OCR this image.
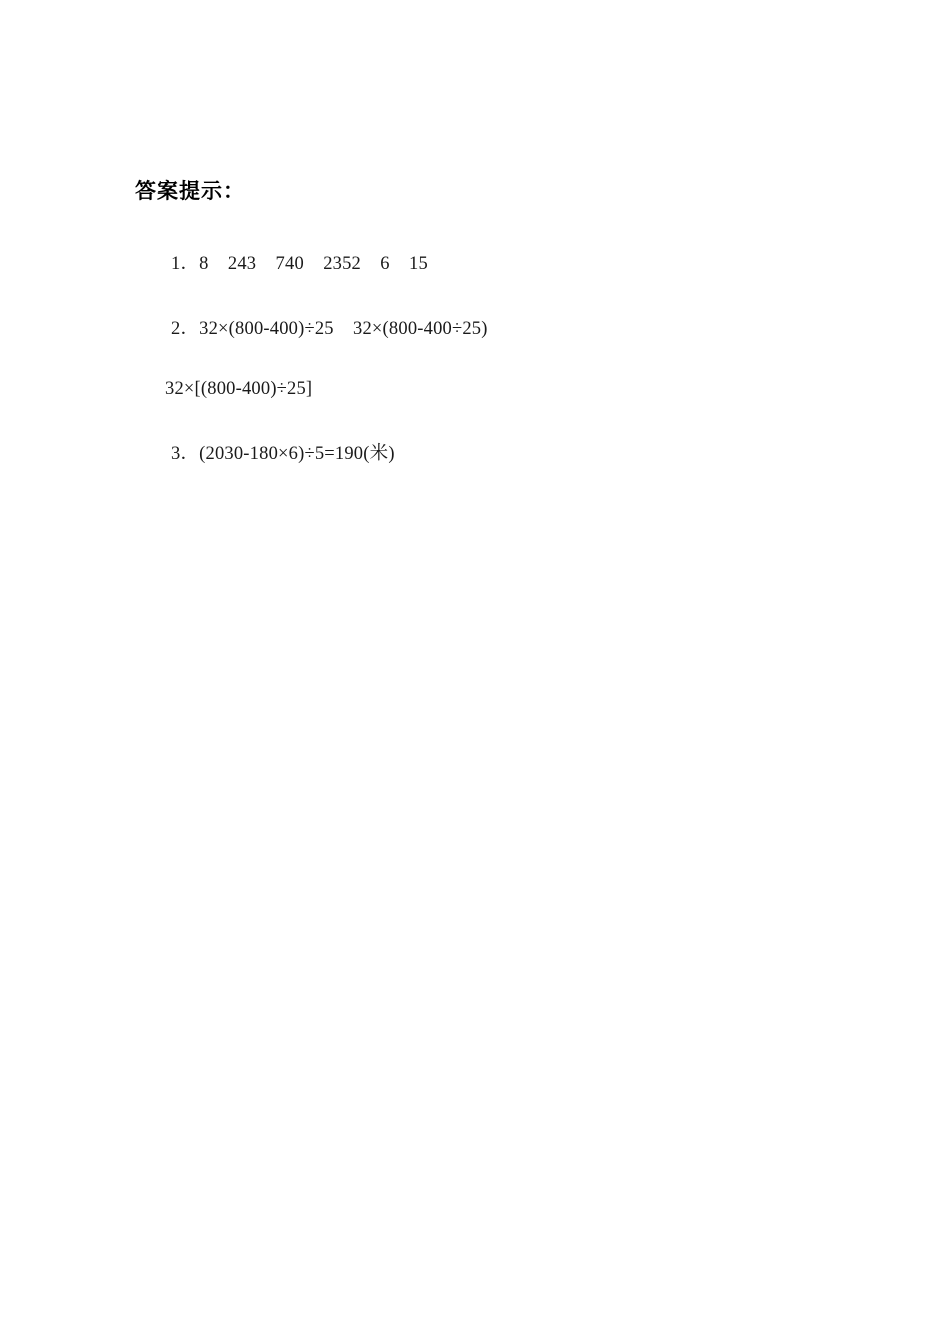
答案提示：
1．8    243    740    2352    6    15
2．32×(800-400)÷25    32×(800-400÷25)
32×[(800-400)÷25]
3．(2030-180×6)÷5=190(米)
